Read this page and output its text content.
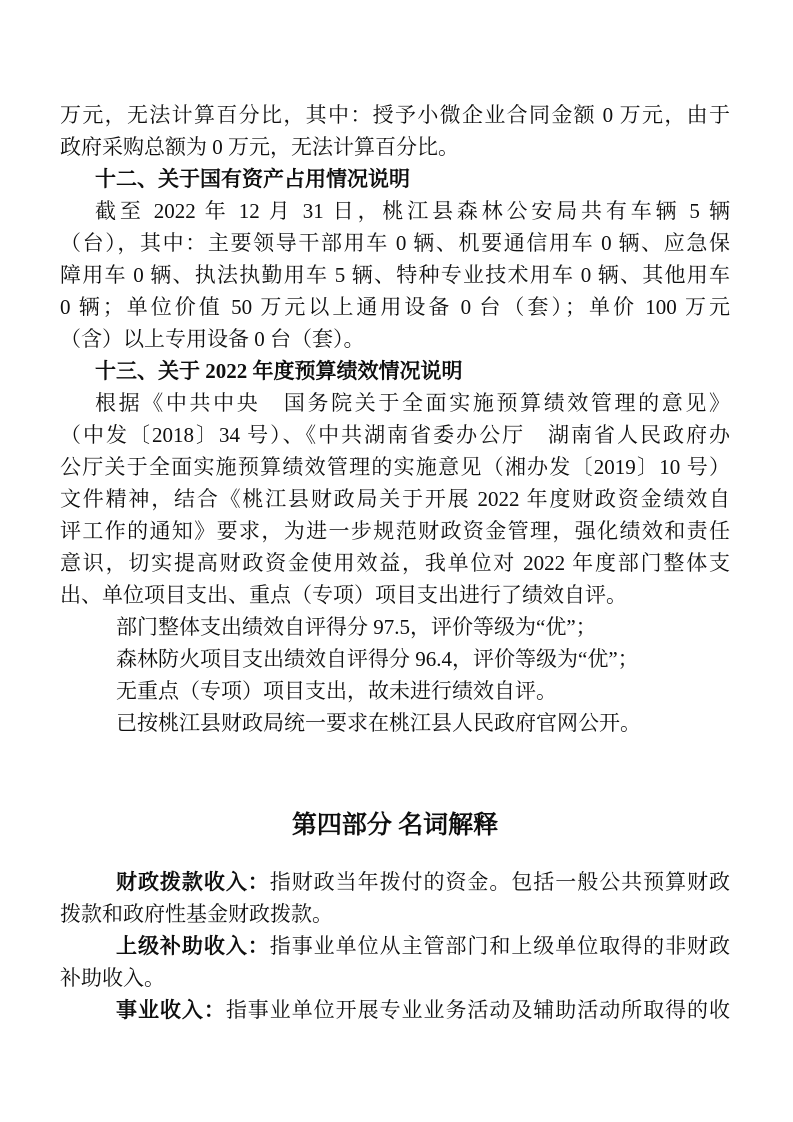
万元，无法计算百分比，其中：授予小微企业合同金额 0 万元，由于
政府采购总额为 0 万元，无法计算百分比。
十二、关于国有资产占用情况说明
截至 2022 年 12 月 31 日，桃江县森林公安局共有车辆 5 辆
（台），其中：主要领导干部用车 0 辆、机要通信用车 0 辆、应急保
障用车 0 辆、执法执勤用车 5 辆、特种专业技术用车 0 辆、其他用车
0 辆；单位价值 50 万元以上通用设备 0 台（套）；单价 100 万元
（含）以上专用设备 0 台（套）。
十三、关于 2022 年度预算绩效情况说明
根据《中共中央　国务院关于全面实施预算绩效管理的意见》
（中发〔2018〕34 号）、《中共湖南省委办公厅　湖南省人民政府办
公厅关于全面实施预算绩效管理的实施意见（湘办发〔2019〕10 号）
文件精神，结合《桃江县财政局关于开展 2022 年度财政资金绩效自
评工作的通知》要求，为进一步规范财政资金管理，强化绩效和责任
意识，切实提高财政资金使用效益，我单位对 2022 年度部门整体支
出、单位项目支出、重点（专项）项目支出进行了绩效自评。
部门整体支出绩效自评得分 97.5，评价等级为“优”；
森林防火项目支出绩效自评得分 96.4，评价等级为“优”；
无重点（专项）项目支出，故未进行绩效自评。
已按桃江县财政局统一要求在桃江县人民政府官网公开。
第四部分 名词解释
财政拨款收入：指财政当年拨付的资金。包括一般公共预算财政
拨款和政府性基金财政拨款。
上级补助收入：指事业单位从主管部门和上级单位取得的非财政
补助收入。
事业收入：指事业单位开展专业业务活动及辅助活动所取得的收
